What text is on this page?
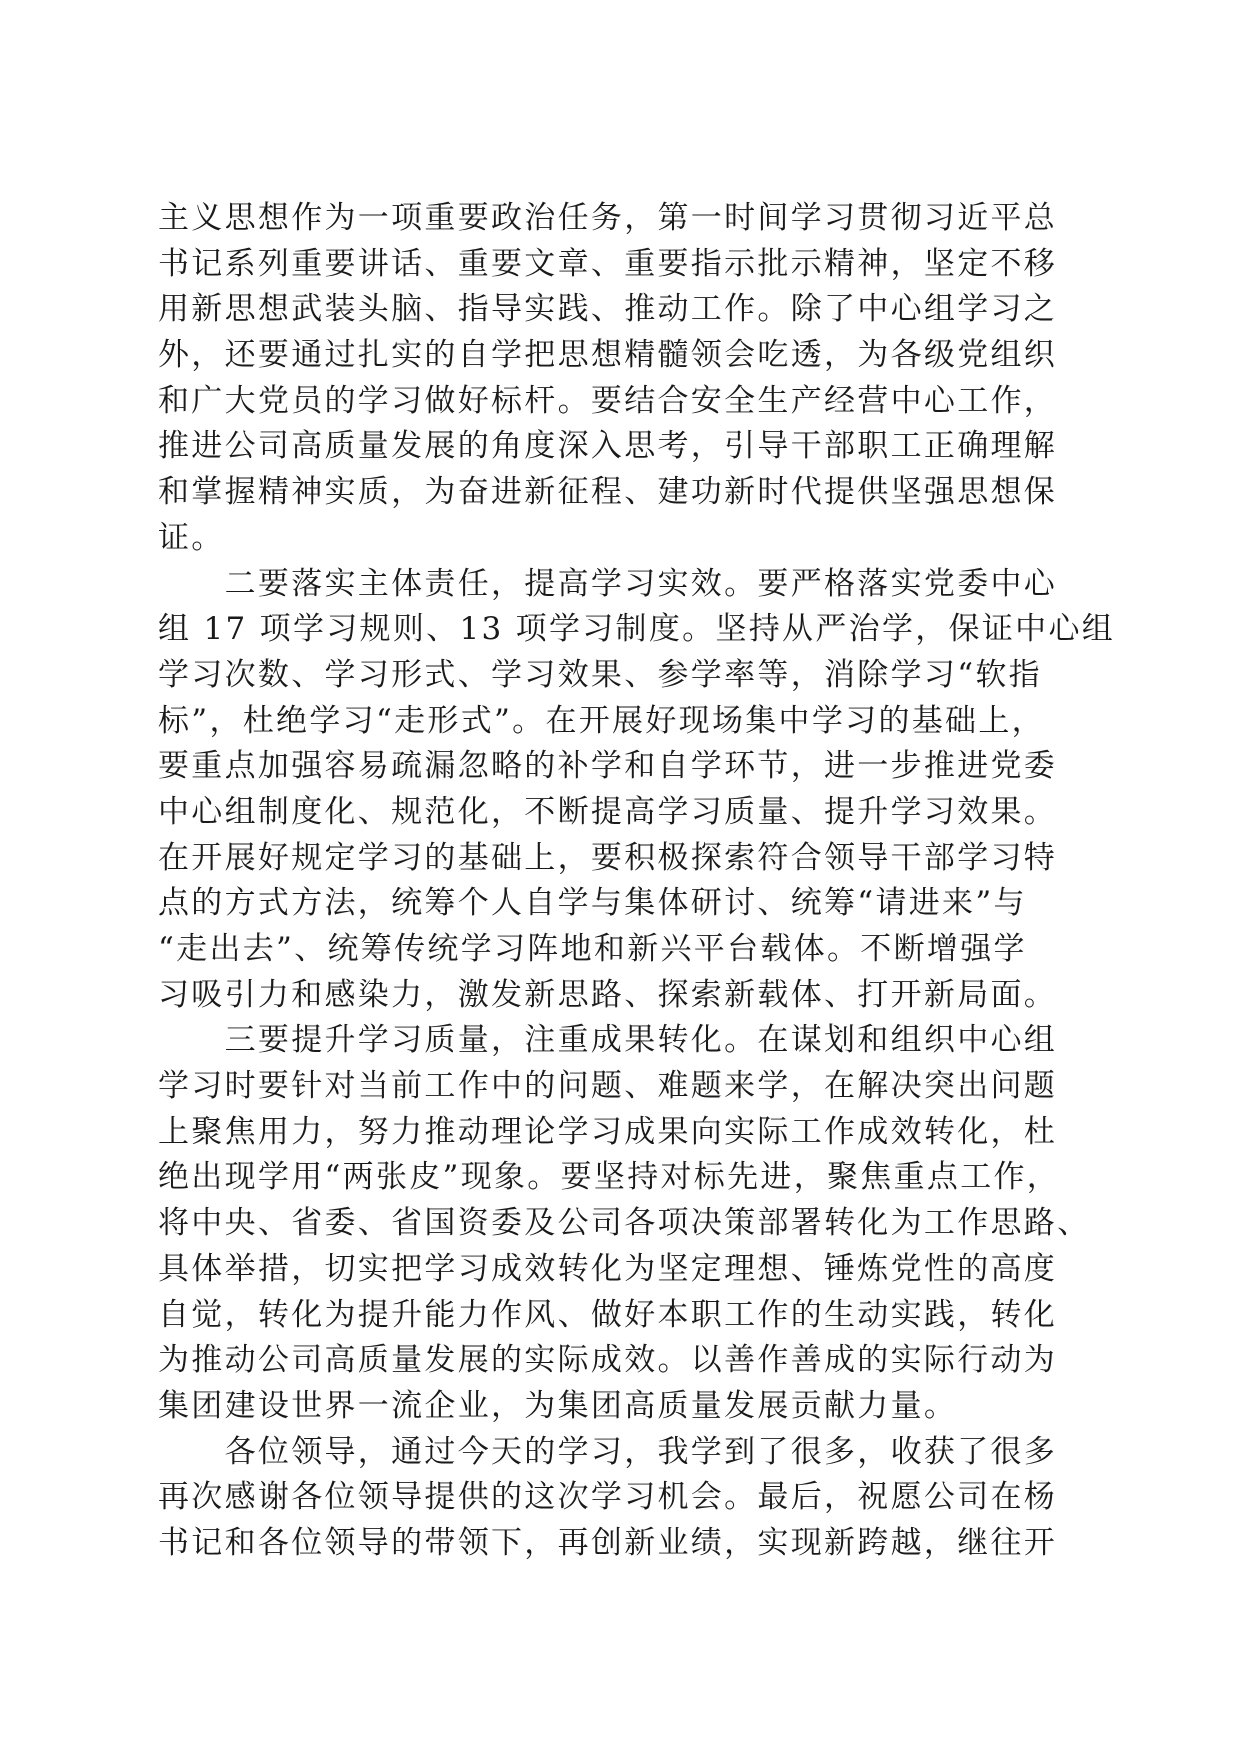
主义思想作为一项重要政治任务，第一时间学习贯彻习近平总
书记系列重要讲话、重要文章、重要指示批示精神，坚定不移
用新思想武装头脑、指导实践、推动工作。除了中心组学习之
外，还要通过扎实的自学把思想精髓领会吃透，为各级党组织
和广大党员的学习做好标杆。要结合安全生产经营中心工作，
推进公司高质量发展的角度深入思考，引导干部职工正确理解
和掌握精神实质，为奋进新征程、建功新时代提供坚强思想保
证。
　　二要落实主体责任，提高学习实效。要严格落实党委中心
组 17 项学习规则、13 项学习制度。坚持从严治学，保证中心组
学习次数、学习形式、学习效果、参学率等，消除学习“软指
标”，杜绝学习“走形式”。在开展好现场集中学习的基础上，
要重点加强容易疏漏忽略的补学和自学环节，进一步推进党委
中心组制度化、规范化，不断提高学习质量、提升学习效果。
在开展好规定学习的基础上，要积极探索符合领导干部学习特
点的方式方法，统筹个人自学与集体研讨、统筹“请进来”与
“走出去”、统筹传统学习阵地和新兴平台载体。不断增强学
习吸引力和感染力，激发新思路、探索新载体、打开新局面。
　　三要提升学习质量，注重成果转化。在谋划和组织中心组
学习时要针对当前工作中的问题、难题来学，在解决突出问题
上聚焦用力，努力推动理论学习成果向实际工作成效转化，杜
绝出现学用“两张皮”现象。要坚持对标先进，聚焦重点工作，
将中央、省委、省国资委及公司各项决策部署转化为工作思路、
具体举措，切实把学习成效转化为坚定理想、锤炼党性的高度
自觉，转化为提升能力作风、做好本职工作的生动实践，转化
为推动公司高质量发展的实际成效。以善作善成的实际行动为
集团建设世界一流企业，为集团高质量发展贡献力量。
　　各位领导，通过今天的学习，我学到了很多，收获了很多
再次感谢各位领导提供的这次学习机会。最后，祝愿公司在杨
书记和各位领导的带领下，再创新业绩，实现新跨越，继往开
